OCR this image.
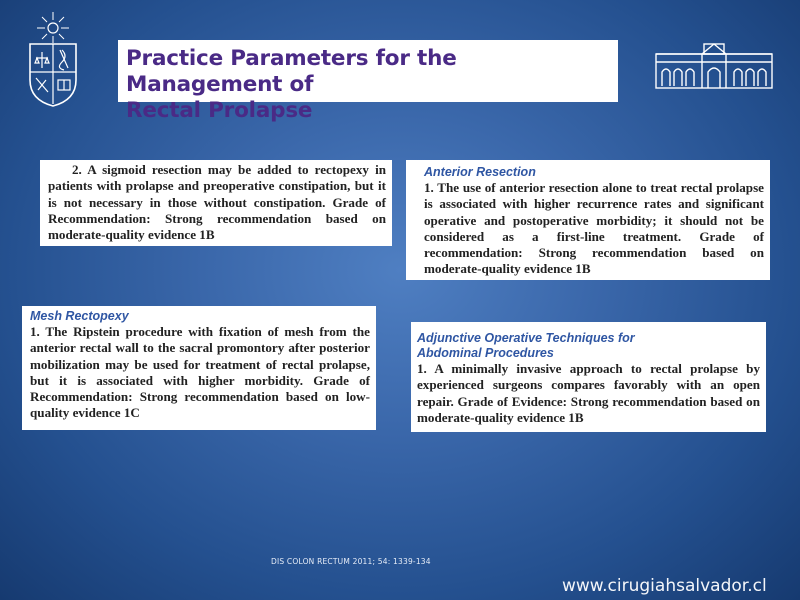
Practice Parameters for the Management of

Rectal Prolapse

2. A sigmoid resection may be added to rectopexy in patients with prolapse and preoperative constipation, but it is not necessary in those without constipation. Grade of Recommendation: Strong recommendation based on moderate-quality evidence 1B

Anterior Resection

1. The use of anterior resection alone to treat rectal prolapse is associated with higher recurrence rates and significant operative and postoperative morbidity; it should not be considered as a first-line treatment. Grade of recommendation: Strong recommendation based on moderate-quality evidence 1B

Mesh Rectopexy

1. The Ripstein procedure with fixation of mesh from the anterior rectal wall to the sacral promontory after posterior mobilization may be used for treatment of rectal prolapse, but it is associated with higher morbidity. Grade of Recommendation: Strong recommendation based on low-quality evidence 1C

Adjunctive Operative Techniques for

Abdominal Procedures

1. A minimally invasive approach to rectal prolapse by experienced surgeons compares favorably with an open repair. Grade of Evidence: Strong recommendation based on moderate-quality evidence 1B

DIS COLON RECTUM 2011; 54: 1339-134
www.cirugiahsalvador.cl
